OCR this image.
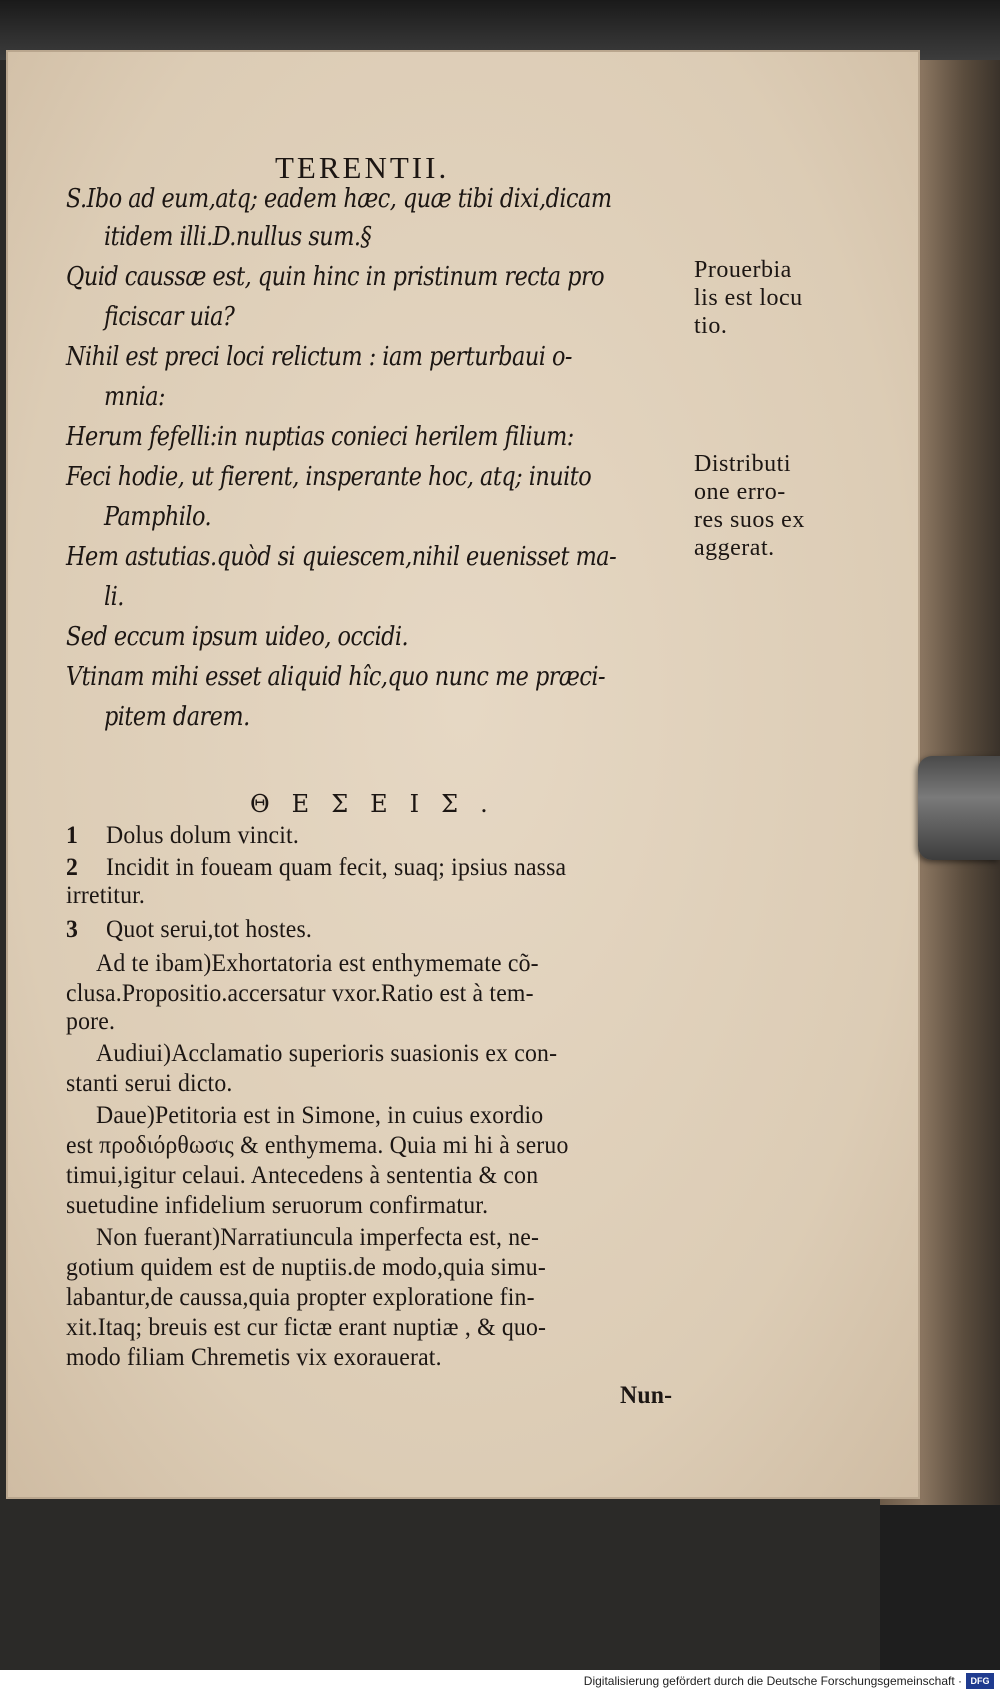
TERENTII.
S.Ibo ad eum,atq; eadem hæc, quæ tibi dixi,dicam
itidem illi.D.nullus sum.§
Quid caussæ est, quin hinc in pristinum recta pro
ficiscar uia?
Nihil est preci loci relictum : iam perturbaui o-
mnia:
Herum fefelli:in nuptias conieci herilem filium:
Feci hodie, ut fierent, insperante hoc, atq; inuito
Pamphilo.
Hem astutias.quòd si quiescem,nihil euenisset ma-
li.
Sed eccum ipsum uideo, occidi.
Vtinam mihi esset aliquid hîc,quo nunc me præci-
pitem darem.
Prouerbia
lis est locu
tio.
Distributi
one erro-
res suos ex
aggerat.
ΘΕΣΕΙΣ.
1 Dolus dolum vincit.
2 Incidit in foueam quam fecit, suaq; ipsius nassa
irretitur.
3 Quot serui,tot hostes.
Ad te ibam)Exhortatoria est enthymemate cõ-
clusa.Propositio.accersatur vxor.Ratio est à tem-
pore.
Audiui)Acclamatio superioris suasionis ex con-
stanti serui dicto.
Daue)Petitoria est in Simone, in cuius exordio
est προδιόρθωσις & enthymema. Quia mi hi à seruo
timui,igitur celaui. Antecedens à sententia & con
suetudine infidelium seruorum confirmatur.
Non fuerant)Narratiuncula imperfecta est, ne-
gotium quidem est de nuptiis.de modo,quia simu-
labantur,de caussa,quia propter exploratione fin-
xit.Itaq; breuis est cur fictæ erant nuptiæ , & quo-
modo filiam Chremetis vix exorauerat.
Nun-
Digitalisierung gefördert durch die Deutsche Forschungsgemeinschaft · DFG
